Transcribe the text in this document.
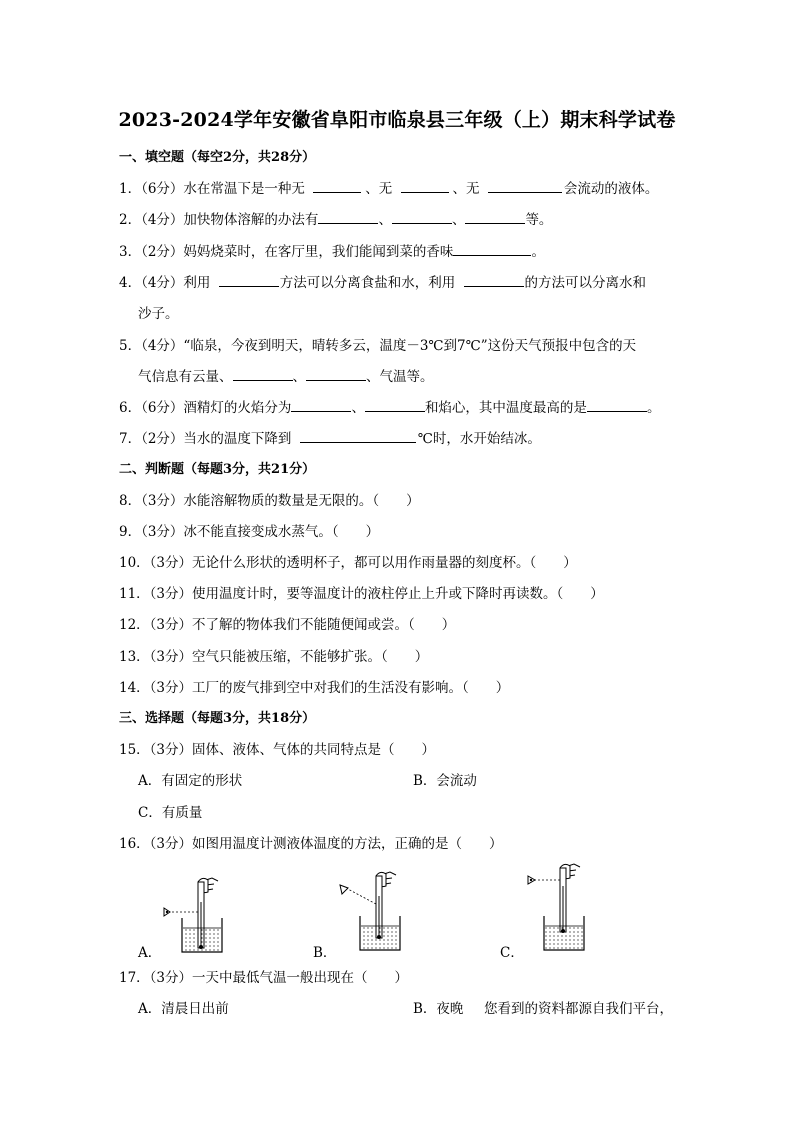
2023-2024学年安徽省阜阳市临泉县三年级（上）期末科学试卷
一、填空题（每空2分，共28分）
1．（6分）水在常温下是一种无	、无	、无	会流动的液体。
2．（4分）加快物体溶解的办法有	、	、	等。
3．（2分）妈妈烧菜时，在客厅里，我们能闻到菜的香味	。
4．（4分）利用	方法可以分离食盐和水，利用	的方法可以分离水和
沙子。
5．（4分）“临泉，今夜到明天，晴转多云，温度－3℃到7℃”这份天气预报中包含的天
气信息有云量、	、	、气温等。
6．（6分）酒精灯的火焰分为	、	和焰心，其中温度最高的是	。
7．（2分）当水的温度下降到	℃时，水开始结冰。
二、判断题（每题3分，共21分）
8．（3分）水能溶解物质的数量是无限的。（　　）
9．（3分）冰不能直接变成水蒸气。（　　）
10．（3分）无论什么形状的透明杯子，都可以用作雨量器的刻度杯。（　　）
11．（3分）使用温度计时，要等温度计的液柱停止上升或下降时再读数。（　　）
12．（3分）不了解的物体我们不能随便闻或尝。（　　）
13．（3分）空气只能被压缩，不能够扩张。（　　）
14．（3分）工厂的废气排到空中对我们的生活没有影响。（　　）
三、选择题（每题3分，共18分）
15．（3分）固体、液体、气体的共同特点是（　　）
A．有固定的形状	B．会流动
C．有质量
16．（3分）如图用温度计测液体温度的方法，正确的是（　　）
A．	B．	C．
17．（3分）一天中最低气温一般出现在（　　）
A．清晨日出前	B．夜晚 您看到的资料都源自我们平台，
